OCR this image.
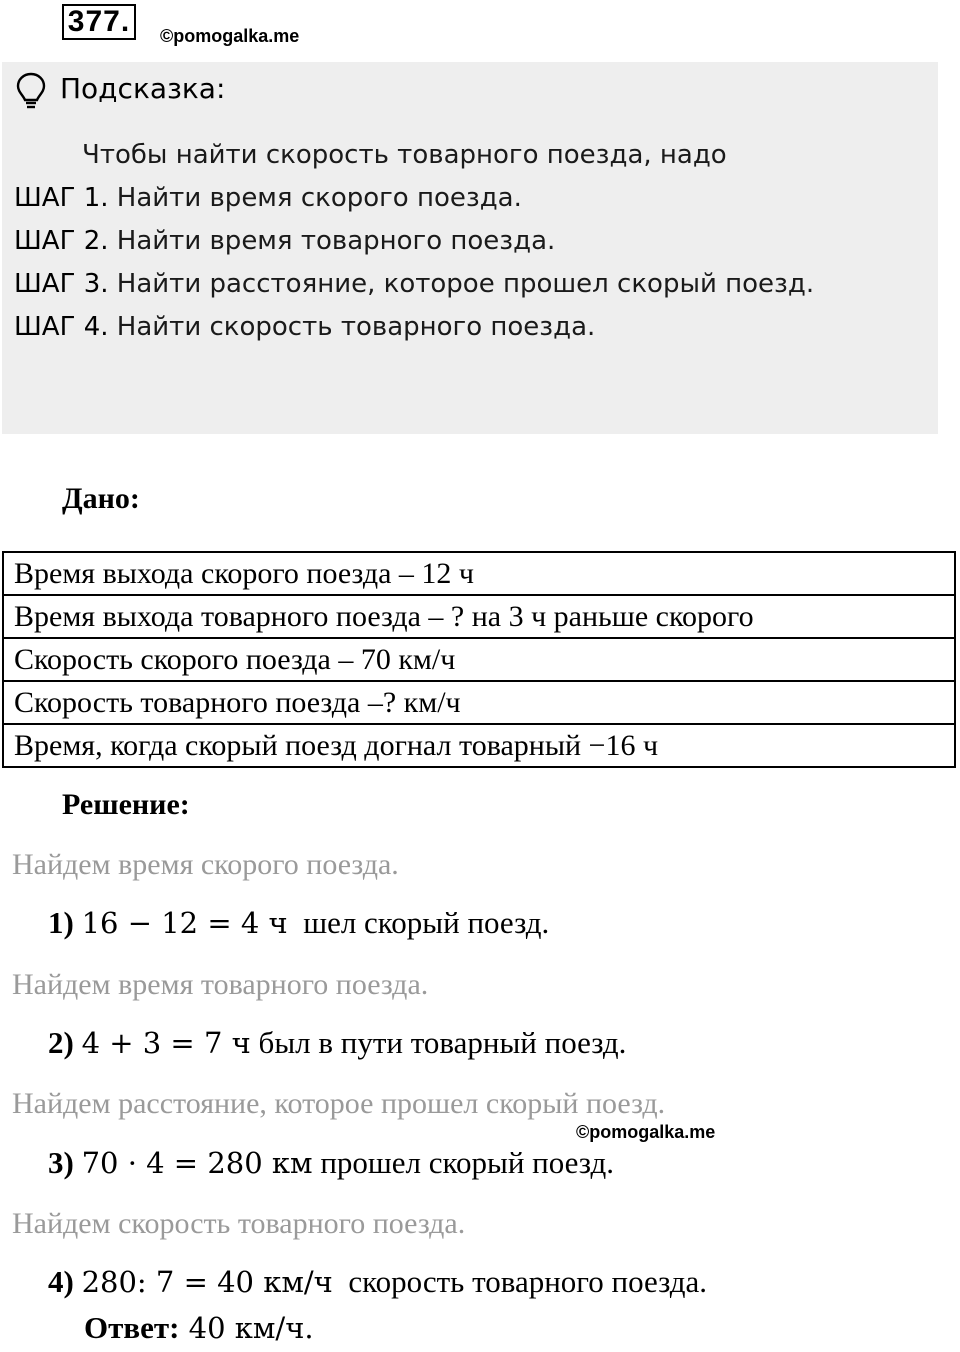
377.	©pomogalka.me
Подсказка:
Чтобы найти скорость товарного поезда, надо
ШАГ 1. Найти время скорого поезда.
ШАГ 2. Найти время товарного поезда.
ШАГ 3. Найти расстояние, которое прошел скорый поезд.
ШАГ 4. Найти скорость товарного поезда.
Дано:
Время выхода скорого поезда – 12 ч
Время выхода товарного поезда – ? на 3 ч раньше скорого
Скорость скорого поезда – 70 км/ч
Скорость товарного поезда –? км/ч
Время, когда скорый поезд догнал товарный −16 ч
Решение:
Найдем время скорого поезда.
1) 16 − 12 = 4 ч  шел скорый поезд.
Найдем время товарного поезда.
2) 4 + 3 = 7 ч был в пути товарный поезд.
Найдем расстояние, которое прошел скорый поезд.
©pomogalka.me
3) 70 · 4 = 280 км прошел скорый поезд.
Найдем скорость товарного поезда.
4) 280: 7 = 40 км/ч  скорость товарного поезда.
Ответ: 40 км/ч.
